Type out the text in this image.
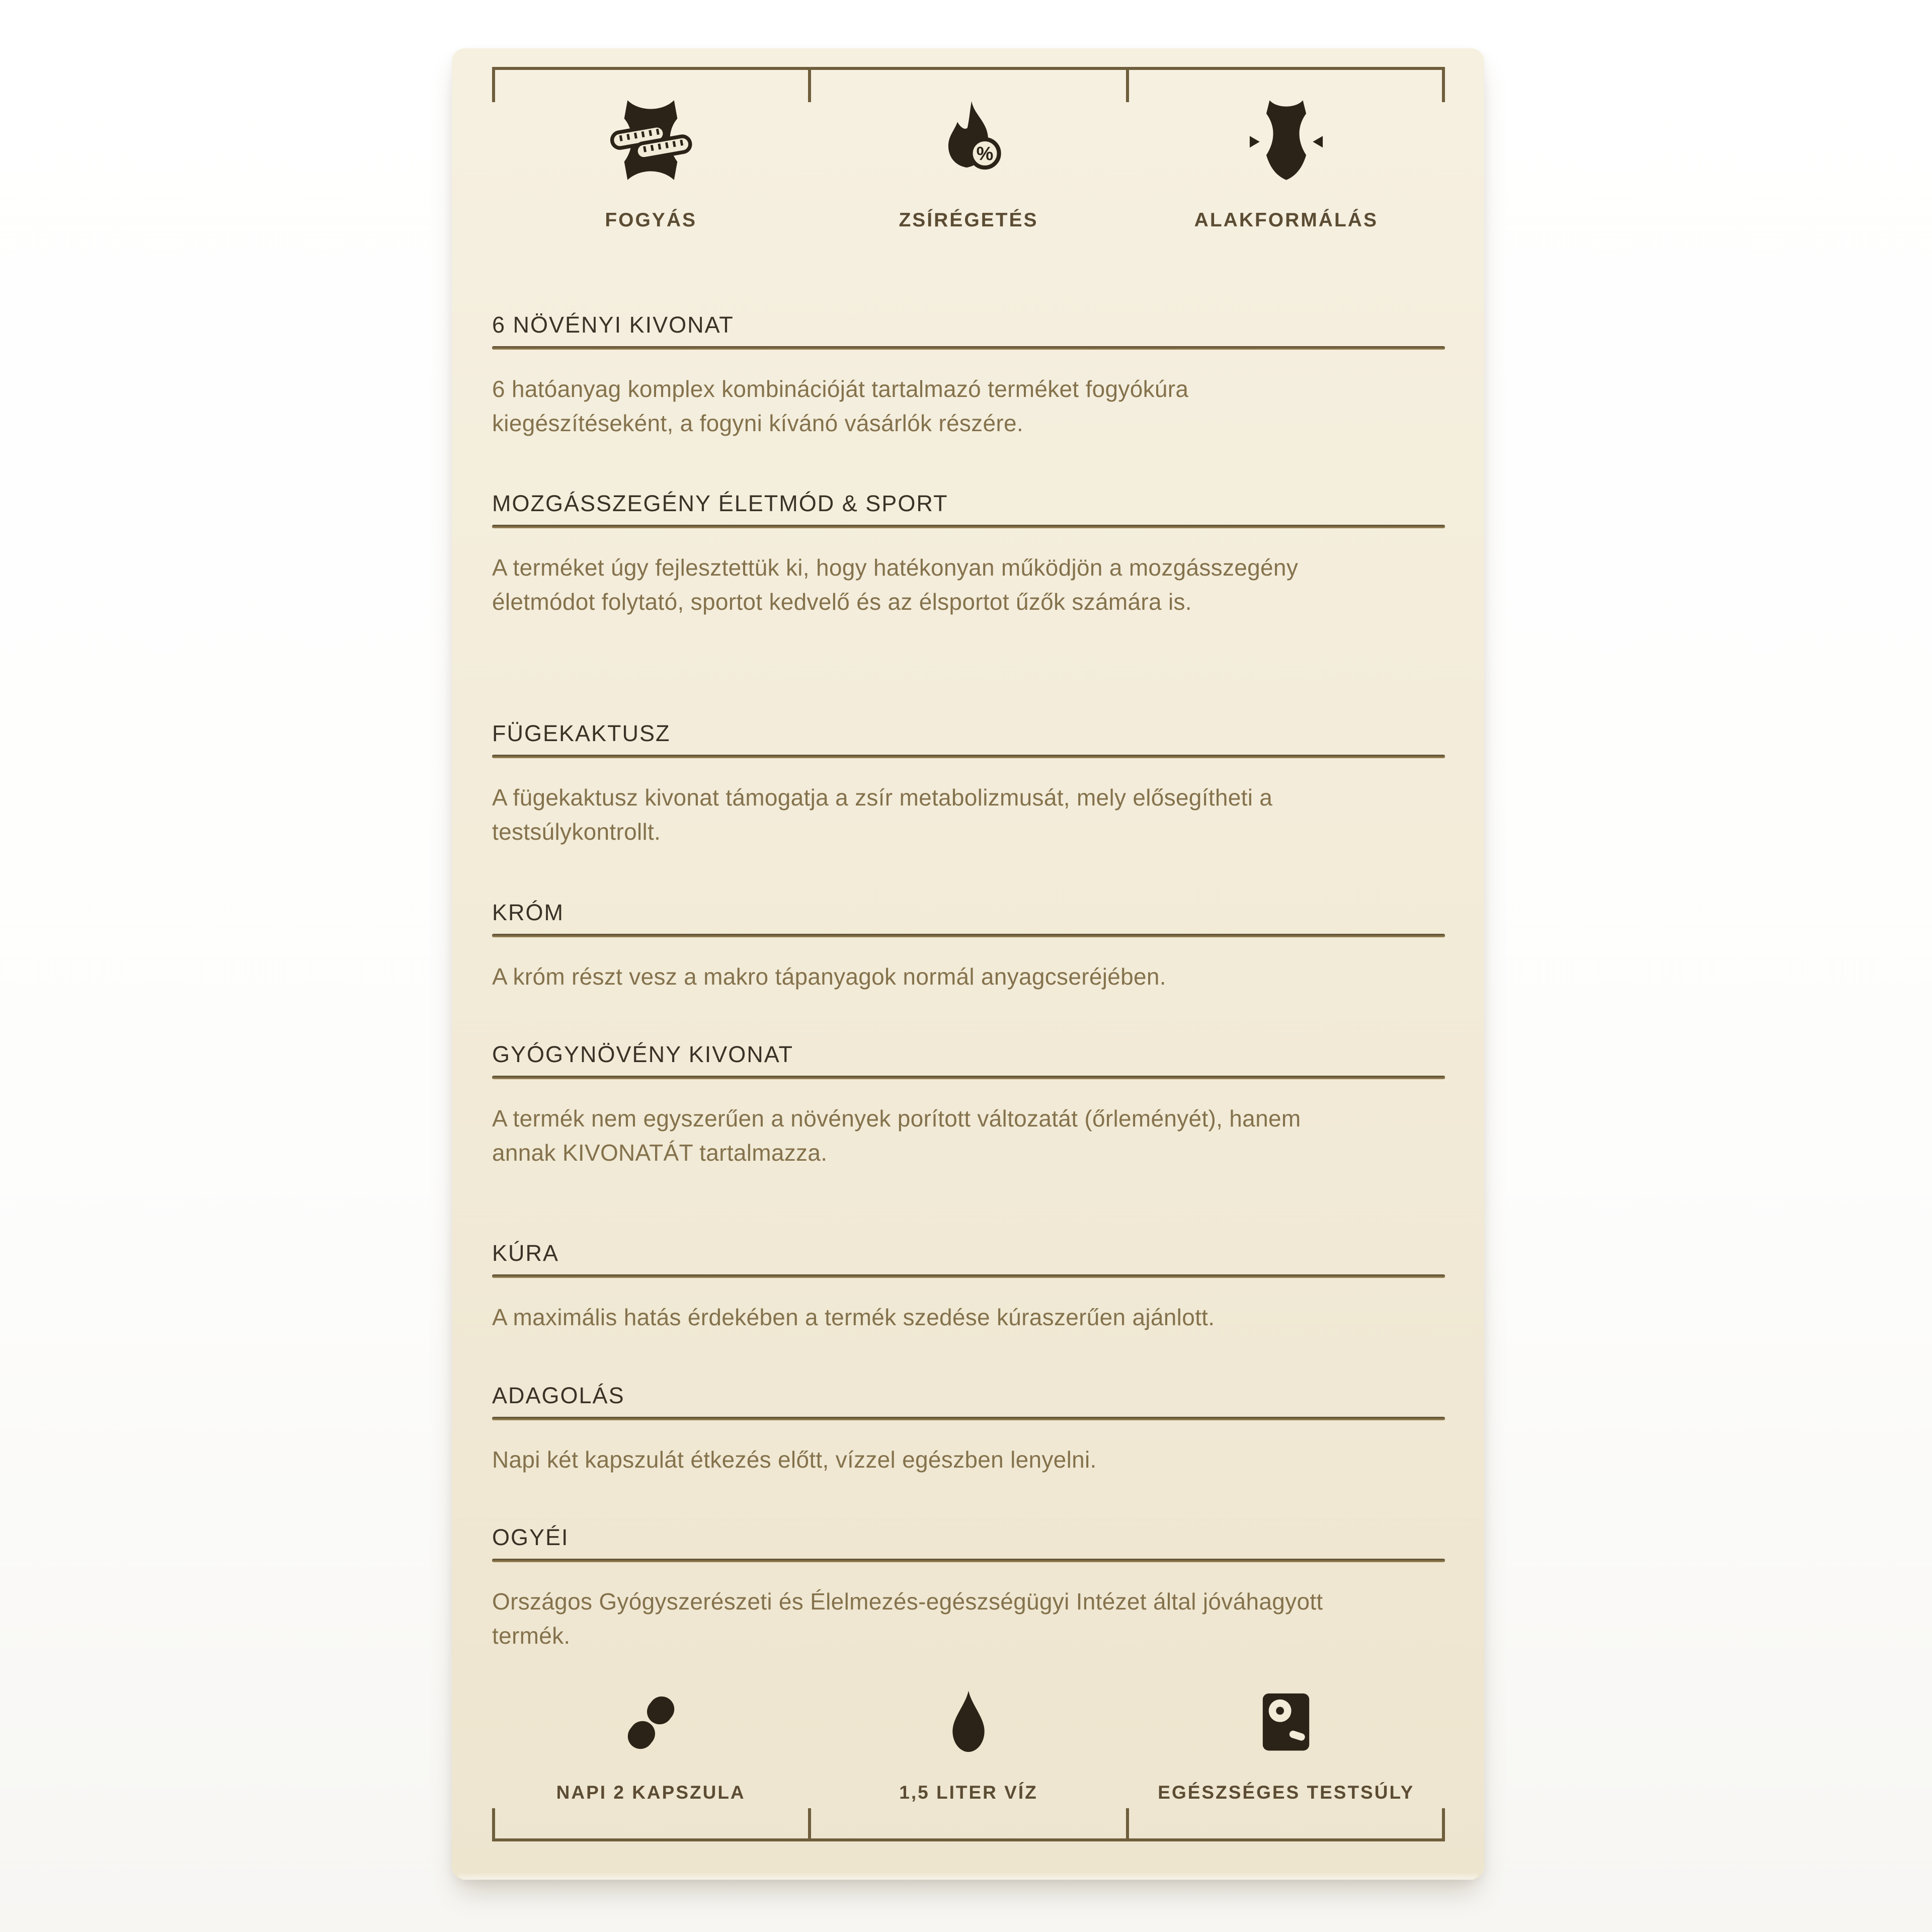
FOGYÁS
%
ZSÍRÉGETÉS	ALAKFORMÁLÁS
6 NÖVÉNYI KIVONAT

6 hatóanyag komplex kombinációját tartalmazó terméket fogyókúra kiegészítéseként, a fogyni kívánó vásárlók részére.

MOZGÁSSZEGÉNY ÉLETMÓD & SPORT

A terméket úgy fejlesztettük ki, hogy hatékonyan működjön a mozgásszegény életmódot folytató, sportot kedvelő és az élsportot űzők számára is.

FÜGEKAKTUSZ

A fügekaktusz kivonat támogatja a zsír metabolizmusát, mely elősegítheti a testsúlykontrollt.

KRÓM

A króm részt vesz a makro tápanyagok normál anyagcseréjében.

GYÓGYNÖVÉNY KIVONAT

A termék nem egyszerűen a növények porított változatát (őrleményét), hanem annak KIVONATÁT tartalmazza.

KÚRA

A maximális hatás érdekében a termék szedése kúraszerűen ajánlott.

ADAGOLÁS

Napi két kapszulát étkezés előtt, vízzel egészben lenyelni.

OGYÉI

Országos Gyógyszerészeti és Élelmezés-egészségügyi Intézet által jóváhagyott termék.

NAPI 2 KAPSZULA	1,5 LITER VÍZ	EGÉSZSÉGES TESTSÚLY
